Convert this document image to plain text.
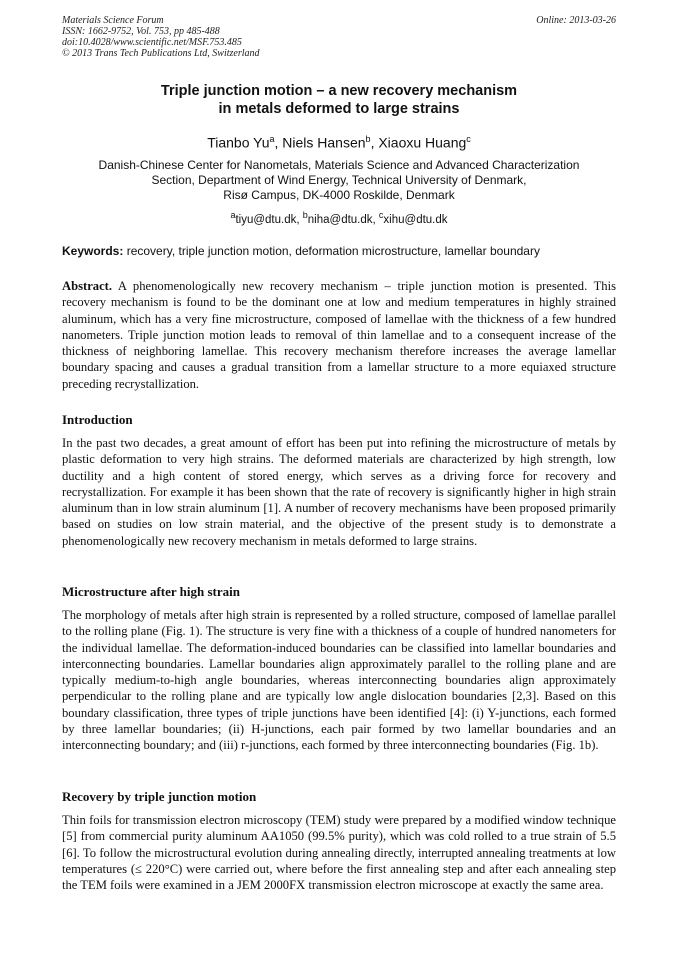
Materials Science Forum
ISSN: 1662-9752, Vol. 753, pp 485-488
doi:10.4028/www.scientific.net/MSF.753.485
© 2013 Trans Tech Publications Ltd, Switzerland
Online: 2013-03-26
Triple junction motion – a new recovery mechanism
in metals deformed to large strains
Tianbo Yu$^a$, Niels Hansen$^b$, Xiaoxu Huang$^c$
Danish-Chinese Center for Nanometals, Materials Science and Advanced Characterization
Section, Department of Wind Energy, Technical University of Denmark,
Risø Campus, DK-4000 Roskilde, Denmark
$^a$tiyu@dtu.dk, $^b$niha@dtu.dk, $^c$xihu@dtu.dk
Keywords: recovery, triple junction motion, deformation microstructure, lamellar boundary
Abstract. A phenomenologically new recovery mechanism – triple junction motion is presented. This recovery mechanism is found to be the dominant one at low and medium temperatures in highly strained aluminum, which has a very fine microstructure, composed of lamellae with the thickness of a few hundred nanometers. Triple junction motion leads to removal of thin lamellae and to a consequent increase of the thickness of neighboring lamellae. This recovery mechanism therefore increases the average lamellar boundary spacing and causes a gradual transition from a lamellar structure to a more equiaxed structure preceding recrystallization.
Introduction
In the past two decades, a great amount of effort has been put into refining the microstructure of metals by plastic deformation to very high strains. The deformed materials are characterized by high strength, low ductility and a high content of stored energy, which serves as a driving force for recovery and recrystallization. For example it has been shown that the rate of recovery is significantly higher in high strain aluminum than in low strain aluminum [1]. A number of recovery mechanisms have been proposed primarily based on studies on low strain material, and the objective of the present study is to demonstrate a phenomenologically new recovery mechanism in metals deformed to large strains.
Microstructure after high strain
The morphology of metals after high strain is represented by a rolled structure, composed of lamellae parallel to the rolling plane (Fig. 1). The structure is very fine with a thickness of a couple of hundred nanometers for the individual lamellae. The deformation-induced boundaries can be classified into lamellar boundaries and interconnecting boundaries. Lamellar boundaries align approximately parallel to the rolling plane and are typically medium-to-high angle boundaries, whereas interconnecting boundaries align approximately perpendicular to the rolling plane and are typically low angle dislocation boundaries [2,3]. Based on this boundary classification, three types of triple junctions have been identified [4]: (i) Y-junctions, each formed by three lamellar boundaries; (ii) H-junctions, each pair formed by two lamellar boundaries and an interconnecting boundary; and (iii) r-junctions, each formed by three interconnecting boundaries (Fig. 1b).
Recovery by triple junction motion
Thin foils for transmission electron microscopy (TEM) study were prepared by a modified window technique [5] from commercial purity aluminum AA1050 (99.5% purity), which was cold rolled to a true strain of 5.5 [6]. To follow the microstructural evolution during annealing directly, interrupted annealing treatments at low temperatures (≤ 220°C) were carried out, where before the first annealing step and after each annealing step the TEM foils were examined in a JEM 2000FX transmission electron microscope at exactly the same area.
